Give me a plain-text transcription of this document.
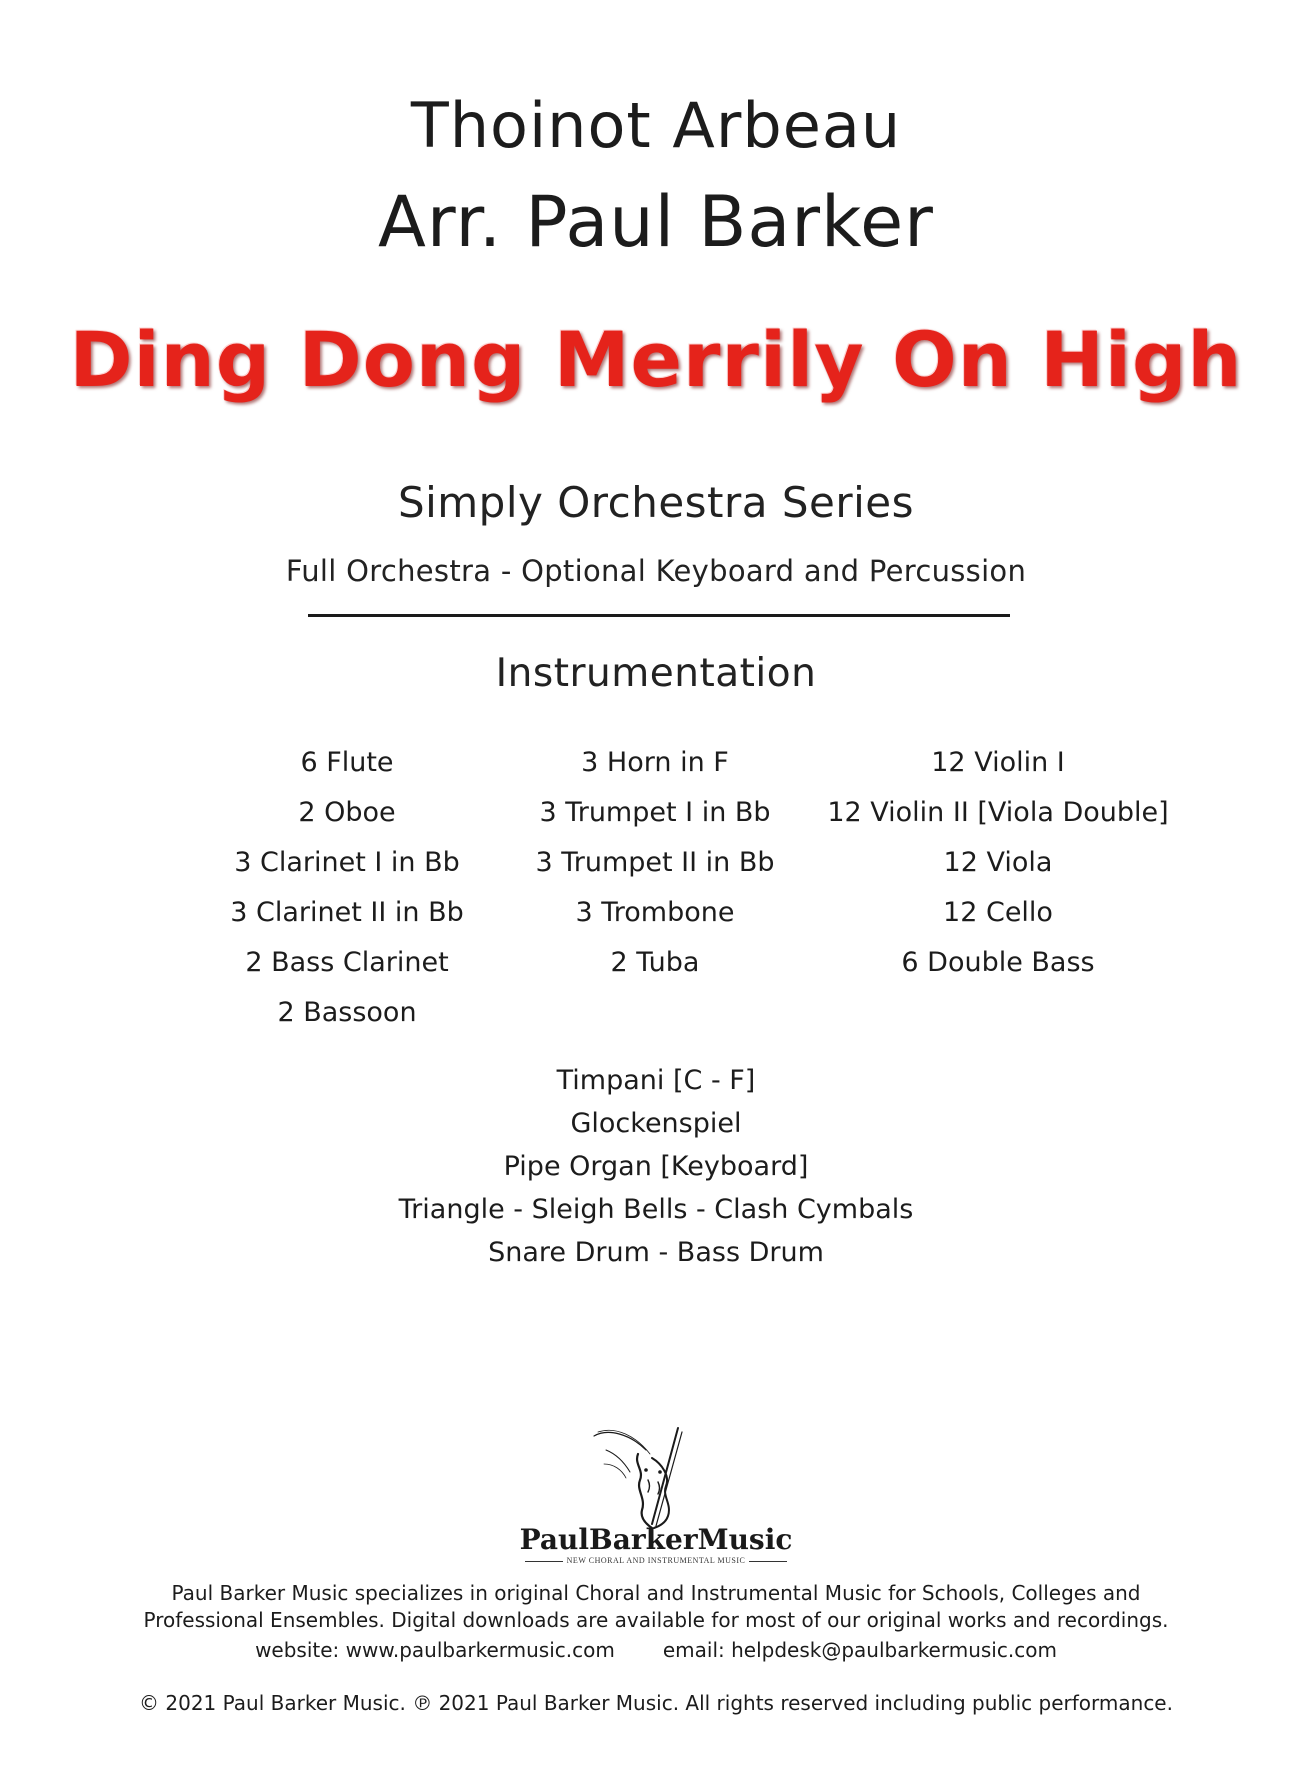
Thoinot Arbeau
Arr. Paul Barker
Ding Dong Merrily On High
Simply Orchestra Series
Full Orchestra - Optional Keyboard and Percussion
Instrumentation
6 Flute
2 Oboe
3 Clarinet I in Bb
3 Clarinet II in Bb
2 Bass Clarinet
2 Bassoon
3 Horn in F
3 Trumpet I in Bb
3 Trumpet II in Bb
3 Trombone
2 Tuba
12 Violin I
12 Violin II [Viola Double]
12 Viola
12 Cello
6 Double Bass
Timpani [C - F]
Glockenspiel
Pipe Organ [Keyboard]
Triangle - Sleigh Bells - Clash Cymbals
Snare Drum - Bass Drum
PaulBarkerMusic
NEW CHORAL AND INSTRUMENTAL MUSIC
Paul Barker Music specializes in original Choral and Instrumental Music for Schools, Colleges and
Professional Ensembles. Digital downloads are available for most of our original works and recordings.
website: www.paulbarkermusic.com email: helpdesk@paulbarkermusic.com
© 2021 Paul Barker Music. ℗ 2021 Paul Barker Music. All rights reserved including public performance.
